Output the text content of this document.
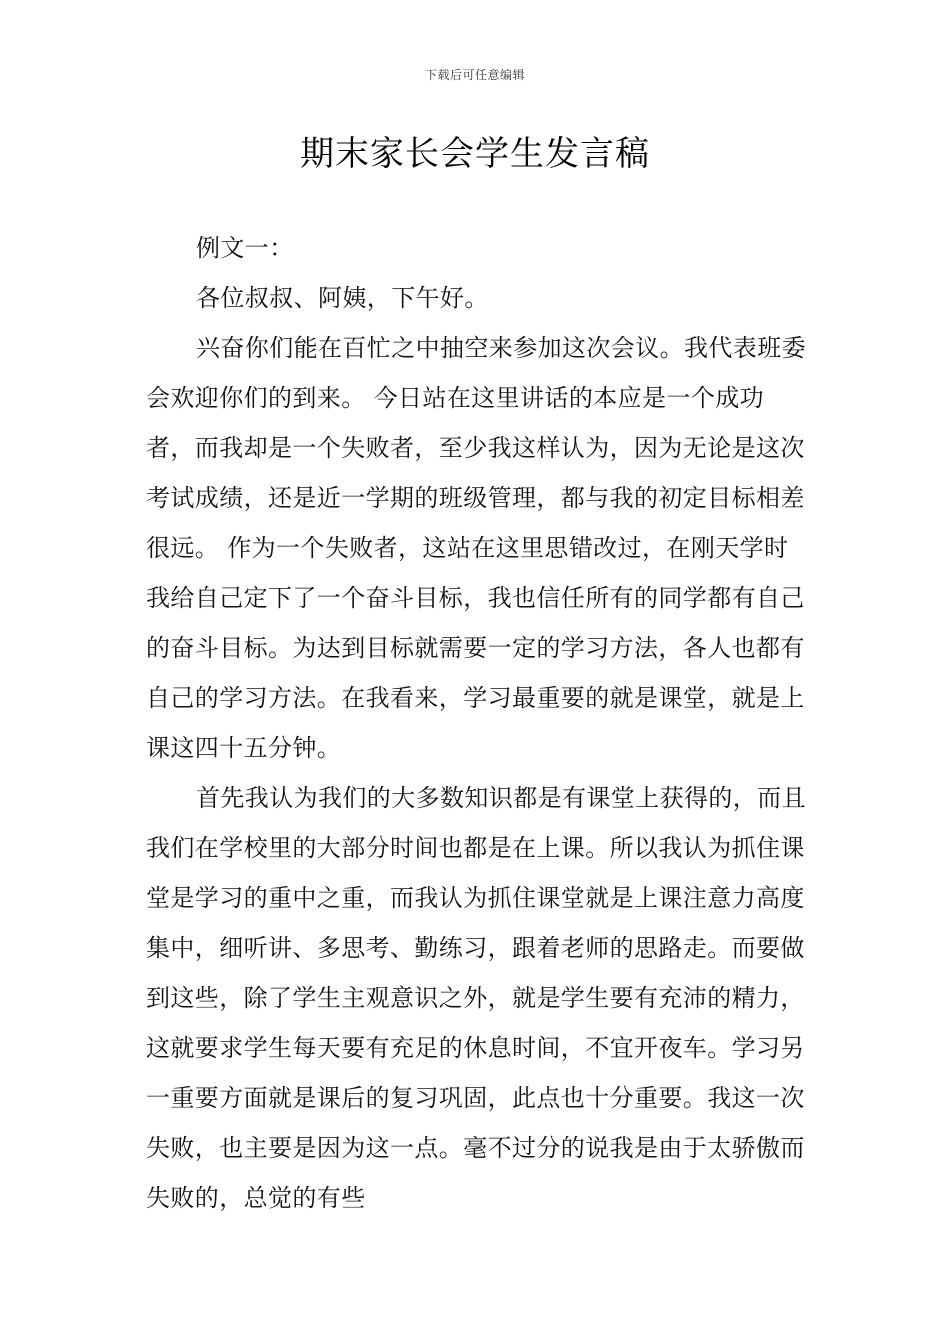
下载后可任意编辑
期末家长会学生发言稿

例文一：

各位叔叔、阿姨，下午好。

兴奋你们能在百忙之中抽空来参加这次会议。我代表班委会欢迎你们的到来。 今日站在这里讲话的本应是一个成功者，而我却是一个失败者，至少我这样认为，因为无论是这次考试成绩，还是近一学期的班级管理，都与我的初定目标相差很远。 作为一个失败者，这站在这里思错改过，在刚天学时我给自己定下了一个奋斗目标，我也信任所有的同学都有自己的奋斗目标。为达到目标就需要一定的学习方法，各人也都有自己的学习方法。在我看来，学习最重要的就是课堂，就是上课这四十五分钟。

首先我认为我们的大多数知识都是有课堂上获得的，而且我们在学校里的大部分时间也都是在上课。所以我认为抓住课堂是学习的重中之重，而我认为抓住课堂就是上课注意力高度集中，细听讲、多思考、勤练习，跟着老师的思路走。而要做到这些，除了学生主观意识之外，就是学生要有充沛的精力，这就要求学生每天要有充足的休息时间，不宜开夜车。学习另一重要方面就是课后的复习巩固，此点也十分重要。我这一次失败，也主要是因为这一点。毫不过分的说我是由于太骄傲而失败的，总觉的有些
